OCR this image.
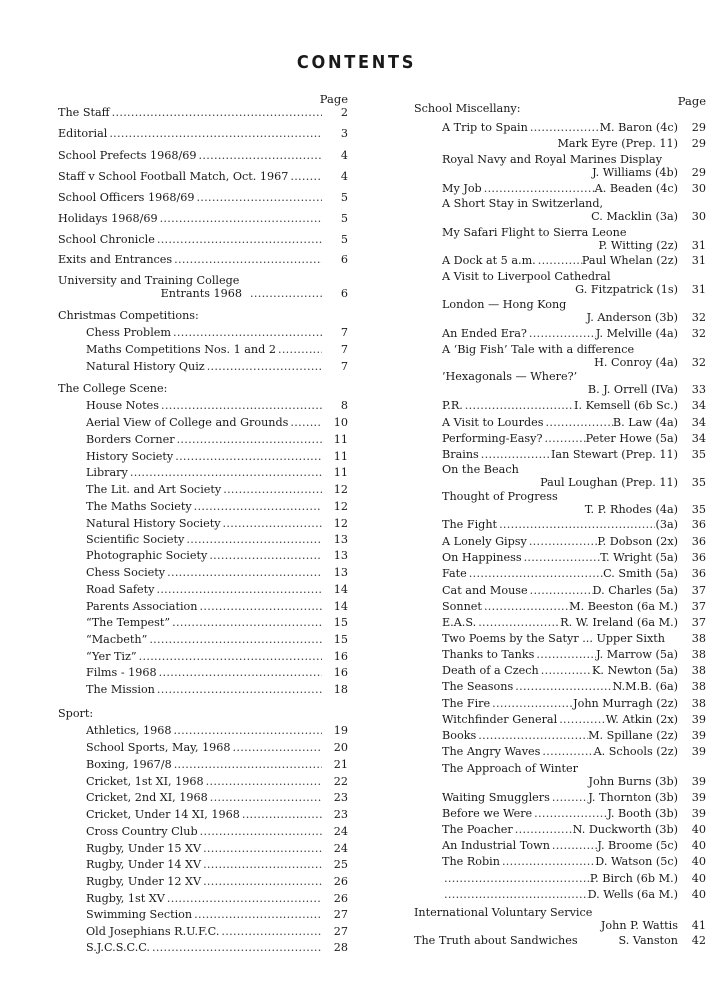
CONTENTS
Page
The Staff .....	2
Editorial .....	3
School Prefects 1968/69 .....	4
Staff v School Football Match, Oct. 1967 .....	4
School Officers 1968/69 .....	5
Holidays 1968/69 .....	5
School Chronicle .....	5
Exits and Entrances .....	6
University and Training College
Entrants 1968 .....	6
Christmas Competitions:
Chess Problem .....	7
Maths Competitions Nos. 1 and 2 .....	7
Natural History Quiz .....	7
The College Scene:
House Notes .....	8
Aerial View of College and Grounds .....	10
Borders Corner .....	11
History Society .....	11
Library .....	11
The Lit. and Art Society .....	12
The Maths Society .....	12
Natural History Society .....	12
Scientific Society .....	13
Photographic Society .....	13
Chess Society .....	13
Road Safety .....	14
Parents Association .....	14
“The Tempest” .....	15
“Macbeth” .....	15
“Yer Tiz” .....	16
Films - 1968 .....	16
The Mission .....	18
Sport:
Athletics, 1968 .....	19
School Sports, May, 1968 .....	20
Boxing, 1967/8 .....	21
Cricket, 1st XI, 1968 .....	22
Cricket, 2nd XI, 1968 .....	23
Cricket, Under 14 XI, 1968 .....	23
Cross Country Club .....	24
Rugby, Under 15 XV .....	24
Rugby, Under 14 XV .....	25
Rugby, Under 12 XV .....	26
Rugby, 1st XV .....	26
Swimming Section .....	27
Old Josephians R.U.F.C. .....	27
S.J.C.S.C.C. .....	28
Page
School Miscellany:
A Trip to Spain .....	M. Baron (4c)	29
Mark Eyre (Prep. 11)	29
Royal Navy and Royal Marines Display
J. Williams (4b)	29
My Job .....	A. Beaden (4c)	30
A Short Stay in Switzerland,
C. Macklin (3a)	30
My Safari Flight to Sierra Leone
P. Witting (2z)	31
A Dock at 5 a.m. .....	Paul Whelan (2z)	31
A Visit to Liverpool Cathedral
G. Fitzpatrick (1s)	31
London — Hong Kong
J. Anderson (3b)	32
An Ended Era? .....	J. Melville (4a)	32
A ‘Big Fish’ Tale with a difference
H. Conroy (4a)	32
’Hexagonals — Where?’
B. J. Orrell (IVa)	33
P.R. .....	I. Kemsell (6b Sc.)	34
A Visit to Lourdes .....	B. Law (4a)	34
Performing-Easy? .....	Peter Howe (5a)	34
Brains .....	Ian Stewart (Prep. 11)	35
On the Beach
Paul Loughan (Prep. 11)	35
Thought of Progress
T. P. Rhodes (4a)	35
The Fight .....	(3a)	36
A Lonely Gipsy .....	P. Dobson (2x)	36
On Happiness .....	T. Wright (5a)	36
Fate .....	C. Smith (5a)	36
Cat and Mouse .....	D. Charles (5a)	37
Sonnet .....	M. Beeston (6a M.)	37
E.A.S. .....	R. W. Ireland (6a M.)	37
Two Poems by the Satyr ... Upper Sixth	38
Thanks to Tanks .....	J. Marrow (5a)	38
Death of a Czech .....	K. Newton (5a)	38
The Seasons .....	N.M.B. (6a)	38
The Fire .....	John Murragh (2z)	38
Witchfinder General .....	W. Atkin (2x)	39
Books .....	M. Spillane (2z)	39
The Angry Waves .....	A. Schools (2z)	39
The Approach of Winter
John Burns (3b)	39
Waiting Smugglers .....	J. Thornton (3b)	39
Before we Were .....	J. Booth (3b)	39
The Poacher .....	N. Duckworth (3b)	40
An Industrial Town .....	J. Broome (5c)	40
The Robin .....	D. Watson (5c)	40
.....
P. Birch (6b M.)	40
.....
D. Wells (6a M.)	40
International Voluntary Service
John P. Wattis	41
The Truth about Sandwiches	S. Vanston	42
